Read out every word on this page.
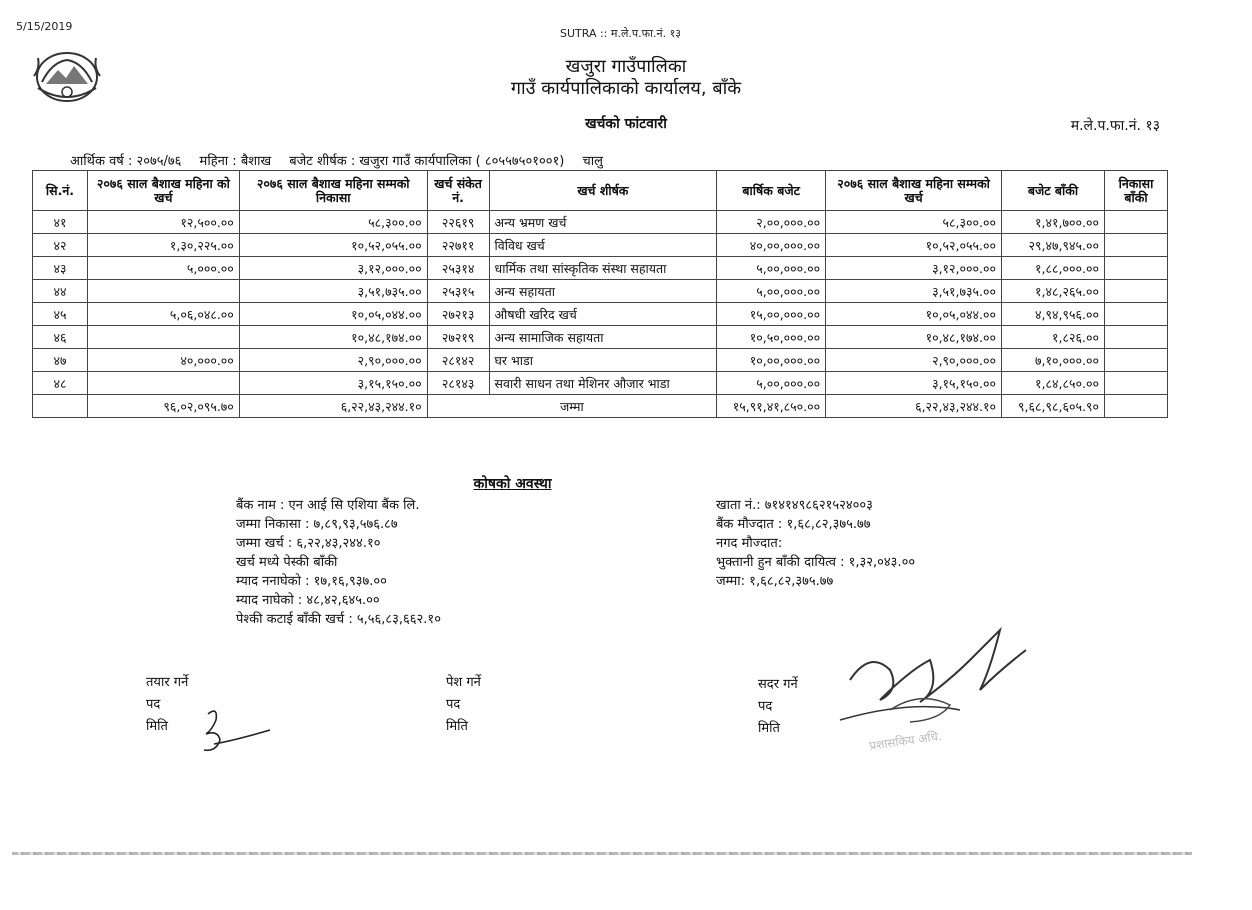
5/15/2019
SUTRA :: म.ले.प.फा.नं. १३
खजुरा गाउँपालिका
गाउँ कार्यपालिकाको कार्यालय, बाँके
खर्चको फांटवारी	म.ले.प.फा.नं. १३
आर्थिक वर्ष : २०७५/७६ महिना : बैशाख बजेट शीर्षक : खजुरा गाउँ कार्यपालिका ( ८०५५७५०१००१) चालु
सि.नं.	२०७६ साल बैशाख महिना को खर्च	२०७६ साल बैशाख महिना सम्मको निकासा	खर्च संकेत नं.	खर्च शीर्षक	बार्षिक बजेट	२०७६ साल बैशाख महिना सम्मको खर्च	बजेट बाँकी	निकासा बाँकी
४१	१२,५००.००	५८,३००.००	२२६१९	अन्य भ्रमण खर्च	२,००,०००.००	५८,३००.००	१,४१,७००.००	
४२	१,३०,२२५.००	१०,५२,०५५.००	२२७११	विविध खर्च	४०,००,०००.००	१०,५२,०५५.००	२९,४७,९४५.००	
४३	५,०००.००	३,१२,०००.००	२५३१४	धार्मिक तथा सांस्कृतिक संस्था सहायता	५,००,०००.००	३,१२,०००.००	१,८८,०००.००	
४४		३,५१,७३५.००	२५३१५	अन्य सहायता	५,००,०००.००	३,५१,७३५.००	१,४८,२६५.००	
४५	५,०६,०४८.००	१०,०५,०४४.००	२७२१३	औषधी खरिद खर्च	१५,००,०००.००	१०,०५,०४४.००	४,९४,९५६.००	
४६		१०,४८,१७४.००	२७२१९	अन्य सामाजिक सहायता	१०,५०,०००.००	१०,४८,१७४.००	१,८२६.००	
४७	४०,०००.००	२,९०,०००.००	२८१४२	घर भाडा	१०,००,०००.००	२,९०,०००.००	७,१०,०००.००	
४८		३,१५,१५०.००	२८१४३	सवारी साधन तथा मेशिनर औजार भाडा	५,००,०००.००	३,१५,१५०.००	१,८४,८५०.००	
	९६,०२,०९५.७०	६,२२,४३,२४४.१०	जम्मा		१५,९१,४१,८५०.००	६,२२,४३,२४४.१०	९,६८,९८,६०५.९०	
कोषको अवस्था
बैंक नाम : एन आई सि एशिया बैंक लि.
जम्मा निकासा : ७,८९,९३,५७६.८७
जम्मा खर्च : ६,२२,४३,२४४.१०
खर्च मध्ये पेस्की बाँकी
म्याद ननाघेको : १७,१६,९३७.००
म्याद नाघेको : ४८,४२,६४५.००
पेश्की कटाई बाँकी खर्च : ५,५६,८३,६६२.१०
खाता नं.: ७१४१४९८६२१५२४००३
बैंक मौज्दात : १,६८,८२,३७५.७७
नगद मौज्दात:
भुक्तानी हुन बाँकी दायित्व : १,३२,०४३.००
जम्मा: १,६८,८२,३७५.७७
तयार गर्ने
पद
मिति
पेश गर्ने
पद
मिति
सदर गर्ने
पद
मिति
प्रशासकिय अधि.
